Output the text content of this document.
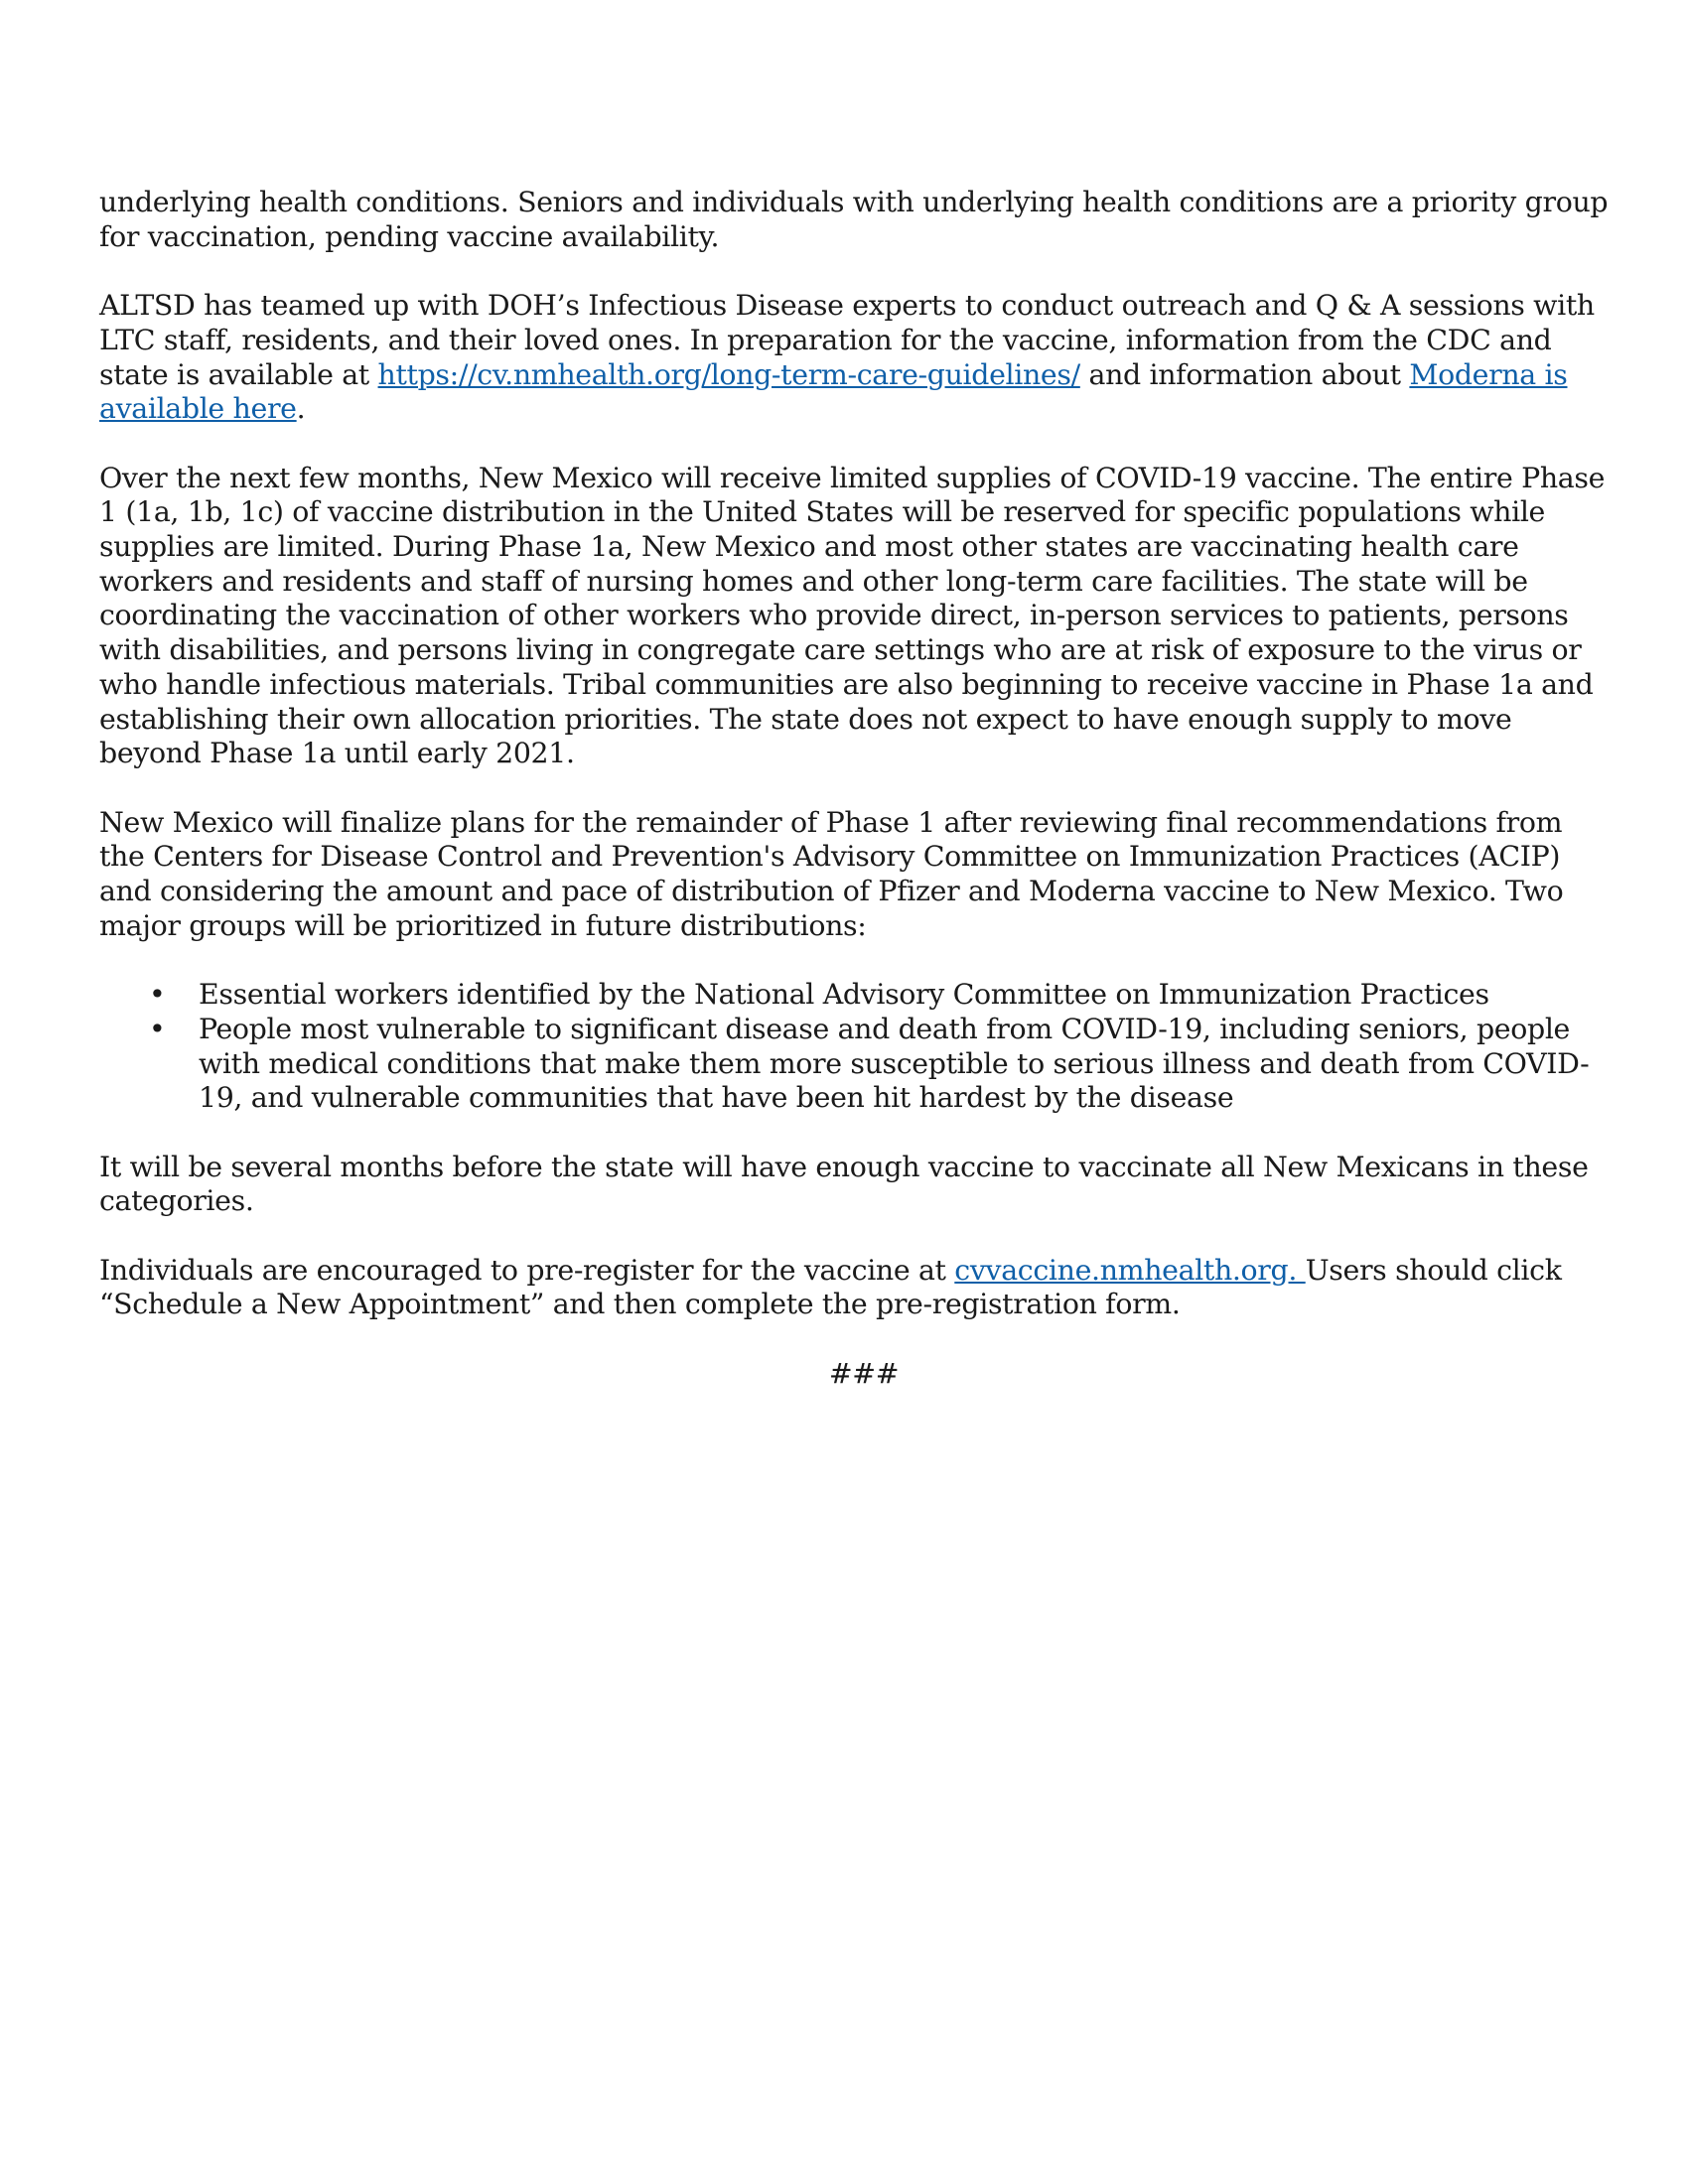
underlying health conditions. Seniors and individuals with underlying health conditions are a priority group for vaccination, pending vaccine availability.

ALTSD has teamed up with DOH’s Infectious Disease experts to conduct outreach and Q & A sessions with LTC staff, residents, and their loved ones. In preparation for the vaccine, information from the CDC and state is available at https://cv.nmhealth.org/long-term-care-guidelines/ and information about Moderna is available here.

Over the next few months, New Mexico will receive limited supplies of COVID-19 vaccine. The entire Phase 1 (1a, 1b, 1c) of vaccine distribution in the United States will be reserved for specific populations while supplies are limited. During Phase 1a, New Mexico and most other states are vaccinating health care workers and residents and staff of nursing homes and other long-term care facilities. The state will be coordinating the vaccination of other workers who provide direct, in-person services to patients, persons with disabilities, and persons living in congregate care settings who are at risk of exposure to the virus or who handle infectious materials. Tribal communities are also beginning to receive vaccine in Phase 1a and establishing their own allocation priorities. The state does not expect to have enough supply to move beyond Phase 1a until early 2021.

New Mexico will finalize plans for the remainder of Phase 1 after reviewing final recommendations from the Centers for Disease Control and Prevention's Advisory Committee on Immunization Practices (ACIP) and considering the amount and pace of distribution of Pfizer and Moderna vaccine to New Mexico. Two major groups will be prioritized in future distributions:

• Essential workers identified by the National Advisory Committee on Immunization Practices
• People most vulnerable to significant disease and death from COVID-19, including seniors, people with medical conditions that make them more susceptible to serious illness and death from COVID-19, and vulnerable communities that have been hit hardest by the disease

It will be several months before the state will have enough vaccine to vaccinate all New Mexicans in these categories.

Individuals are encouraged to pre-register for the vaccine at cvvaccine.nmhealth.org. Users should click “Schedule a New Appointment” and then complete the pre-registration form.

###
